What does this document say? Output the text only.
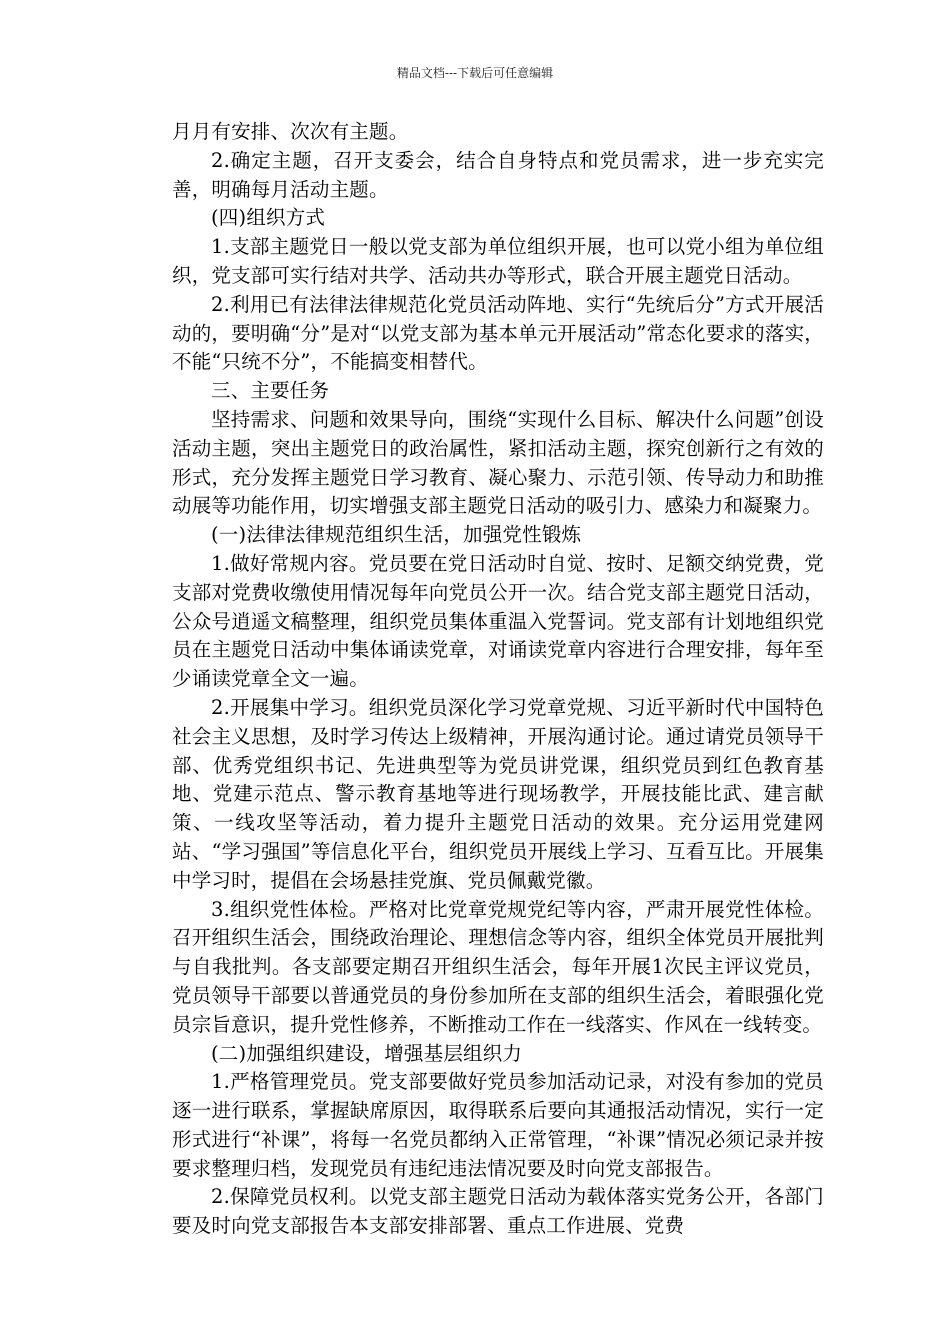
精品文档---下载后可任意编辑

月月有安排、次次有主题。

2.确定主题，召开支委会，结合自身特点和党员需求，进一步充实完善，明确每月活动主题。

(四)组织方式

1.支部主题党日一般以党支部为单位组织开展，也可以党小组为单位组织，党支部可实行结对共学、活动共办等形式，联合开展主题党日活动。

2.利用已有法律法律规范化党员活动阵地、实行“先统后分”方式开展活动的，要明确“分”是对“以党支部为基本单元开展活动”常态化要求的落实，不能“只统不分”，不能搞变相替代。

三、主要任务

坚持需求、问题和效果导向，围绕“实现什么目标、解决什么问题”创设活动主题，突出主题党日的政治属性，紧扣活动主题，探究创新行之有效的形式，充分发挥主题党日学习教育、凝心聚力、示范引领、传导动力和助推动展等功能作用，切实增强支部主题党日活动的吸引力、感染力和凝聚力。

(一)法律法律规范组织生活，加强党性锻炼

1.做好常规内容。党员要在党日活动时自觉、按时、足额交纳党费，党支部对党费收缴使用情况每年向党员公开一次。结合党支部主题党日活动，公众号逍遥文稿整理，组织党员集体重温入党誓词。党支部有计划地组织党员在主题党日活动中集体诵读党章，对诵读党章内容进行合理安排，每年至少诵读党章全文一遍。

2.开展集中学习。组织党员深化学习党章党规、习近平新时代中国特色社会主义思想，及时学习传达上级精神，开展沟通讨论。通过请党员领导干部、优秀党组织书记、先进典型等为党员讲党课，组织党员到红色教育基地、党建示范点、警示教育基地等进行现场教学，开展技能比武、建言献策、一线攻坚等活动，着力提升主题党日活动的效果。充分运用党建网站、“学习强国”等信息化平台，组织党员开展线上学习、互看互比。开展集中学习时，提倡在会场悬挂党旗、党员佩戴党徽。

3.组织党性体检。严格对比党章党规党纪等内容，严肃开展党性体检。召开组织生活会，围绕政治理论、理想信念等内容，组织全体党员开展批判与自我批判。各支部要定期召开组织生活会，每年开展1次民主评议党员，党员领导干部要以普通党员的身份参加所在支部的组织生活会，着眼强化党员宗旨意识，提升党性修养，不断推动工作在一线落实、作风在一线转变。

(二)加强组织建设，增强基层组织力

1.严格管理党员。党支部要做好党员参加活动记录，对没有参加的党员逐一进行联系，掌握缺席原因，取得联系后要向其通报活动情况，实行一定形式进行“补课”，将每一名党员都纳入正常管理，“补课”情况必须记录并按要求整理归档，发现党员有违纪违法情况要及时向党支部报告。

2.保障党员权利。以党支部主题党日活动为载体落实党务公开，各部门要及时向党支部报告本支部安排部署、重点工作进展、党费
